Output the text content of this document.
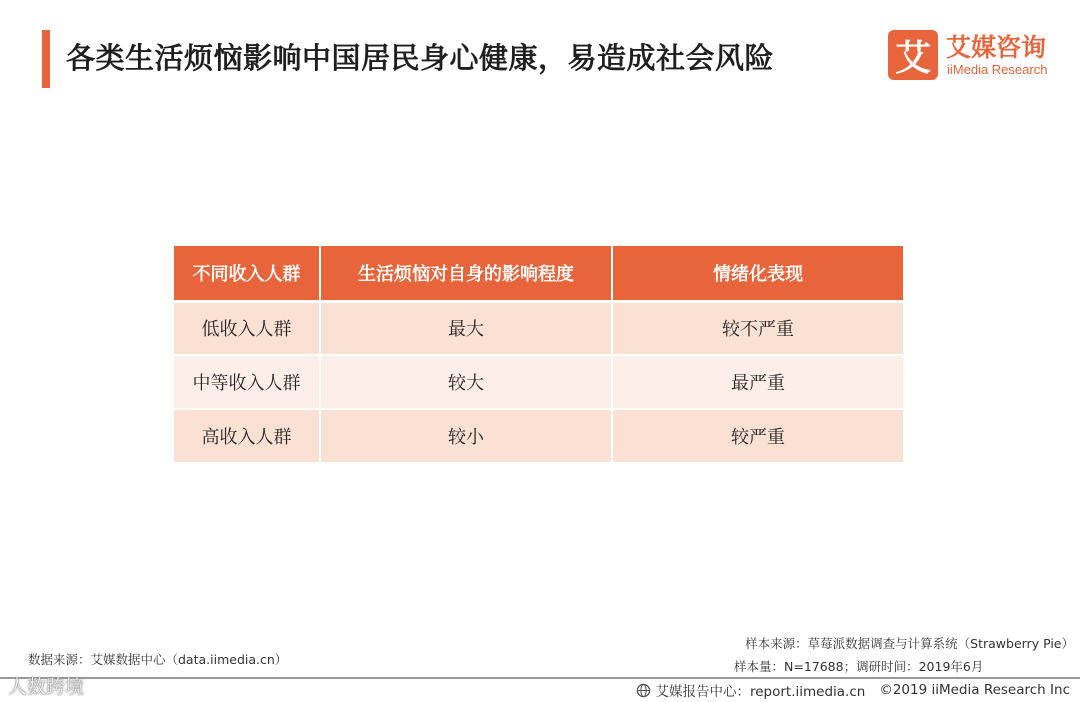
各类生活烦恼影响中国居民身心健康，易造成社会风险	艾 艾媒咨询
iiMedia Research
不同收入人群	生活烦恼对自身的影响程度	情绪化表现
低收入人群	最大	较不严重
中等收入人群	较大	最严重
高收入人群	较小	较严重
数据来源：艾媒数据中心（data.iimedia.cn）
样本来源：草莓派数据调查与计算系统（Strawberry Pie）
样本量：N=17688；调研时间：2019年6月
人数跨境	艾媒报告中心：report.iimedia.cn ©2019 iiMedia Research Inc
